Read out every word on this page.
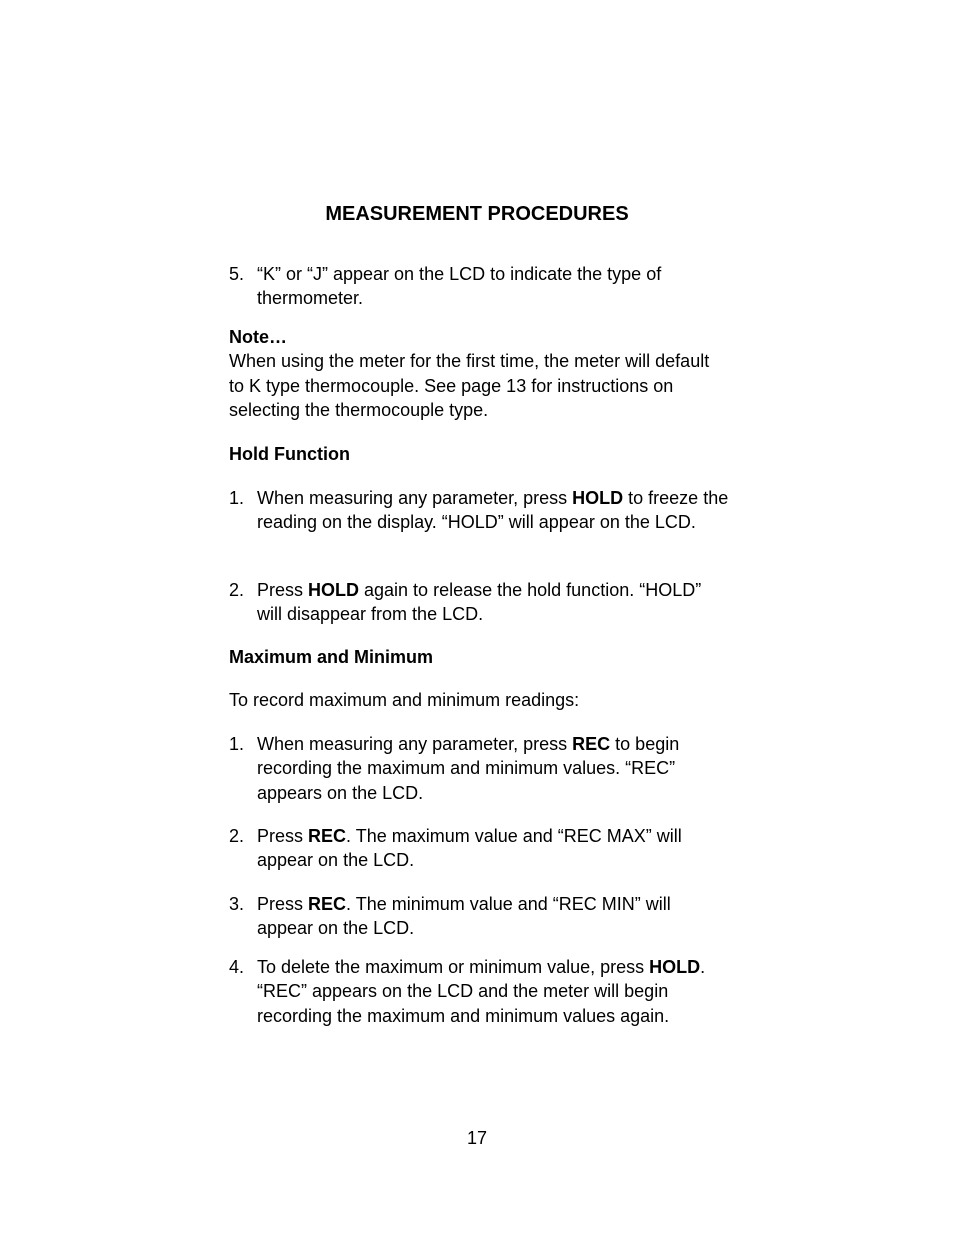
MEASUREMENT PROCEDURES
5. “K” or “J” appear on the LCD to indicate the type of thermometer.
Note…
When using the meter for the first time, the meter will default to K type thermocouple. See page 13 for instructions on selecting the thermocouple type.
Hold Function
1. When measuring any parameter, press HOLD to freeze the reading on the display. “HOLD” will appear on the LCD.
2. Press HOLD again to release the hold function. “HOLD” will disappear from the LCD.
Maximum and Minimum
To record maximum and minimum readings:
1. When measuring any parameter, press REC to begin recording the maximum and minimum values. “REC” appears on the LCD.
2. Press REC. The maximum value and “REC MAX” will appear on the LCD.
3. Press REC. The minimum value and “REC MIN” will appear on the LCD.
4. To delete the maximum or minimum value, press HOLD. “REC” appears on the LCD and the meter will begin recording the maximum and minimum values again.
17
